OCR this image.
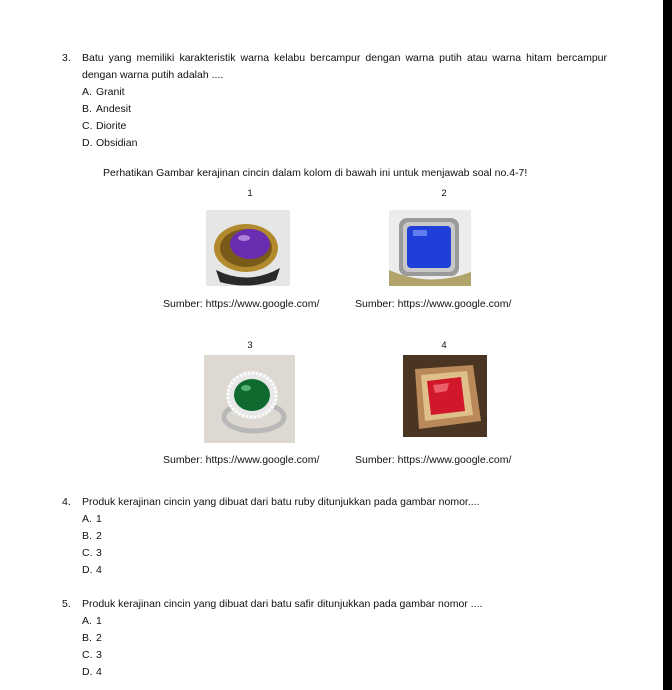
3.	Batu yang memiliki karakteristik warna kelabu bercampur dengan warna putih atau warna hitam bercampur dengan warna putih adalah ....
A. Granit
B. Andesit
C. Diorite
D. Obsidian
Perhatikan Gambar kerajinan cincin dalam kolom di bawah ini untuk menjawab soal no.4-7!
1
Sumber: https://www.google.com/
2
Sumber: https://www.google.com/
3
Sumber: https://www.google.com/
4
Sumber: https://www.google.com/
4.	Produk kerajinan cincin yang dibuat dari batu ruby ditunjukkan pada gambar nomor....
A. 1
B. 2
C. 3
D. 4
5.	Produk kerajinan cincin yang dibuat dari batu safir ditunjukkan pada gambar nomor ....
A. 1
B. 2
C. 3
D. 4
